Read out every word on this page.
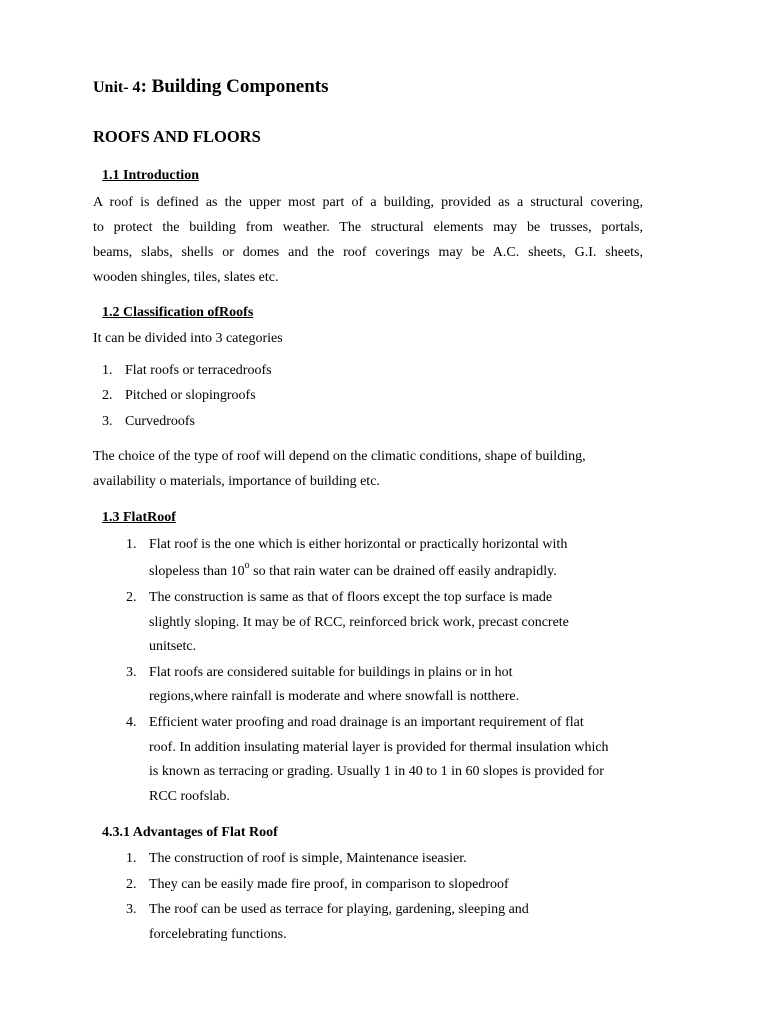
Unit- 4: Building Components
ROOFS AND FLOORS
1.1 Introduction
A roof is defined as the upper most part of a building, provided as a structural covering,
to protect the building from weather. The structural elements may be trusses, portals,
beams, slabs, shells or domes and the roof coverings may be A.C. sheets, G.I. sheets,
wooden shingles, tiles, slates etc.
1.2 Classification ofRoofs
It can be divided into 3 categories
1. Flat roofs or terracedroofs
2. Pitched or slopingroofs
3. Curvedroofs
The choice of the type of roof will depend on the climatic conditions, shape of building,
availability o materials, importance of building etc.
1.3 FlatRoof
1. Flat roof is the one which is either horizontal or practically horizontal with
slopeless than 10$^o$ so that rain water can be drained off easily andrapidly.
2. The construction is same as that of floors except the top surface is made
slightly sloping. It may be of RCC, reinforced brick work, precast concrete
unitsetc.
3. Flat roofs are considered suitable for buildings in plains or in hot
regions,where rainfall is moderate and where snowfall is notthere.
4. Efficient water proofing and road drainage is an important requirement of flat
roof. In addition insulating material layer is provided for thermal insulation which
is known as terracing or grading. Usually 1 in 40 to 1 in 60 slopes is provided for
RCC roofslab.
4.3.1 Advantages of Flat Roof
1. The construction of roof is simple, Maintenance iseasier.
2. They can be easily made fire proof, in comparison to slopedroof
3. The roof can be used as terrace for playing, gardening, sleeping and
forcelebrating functions.
